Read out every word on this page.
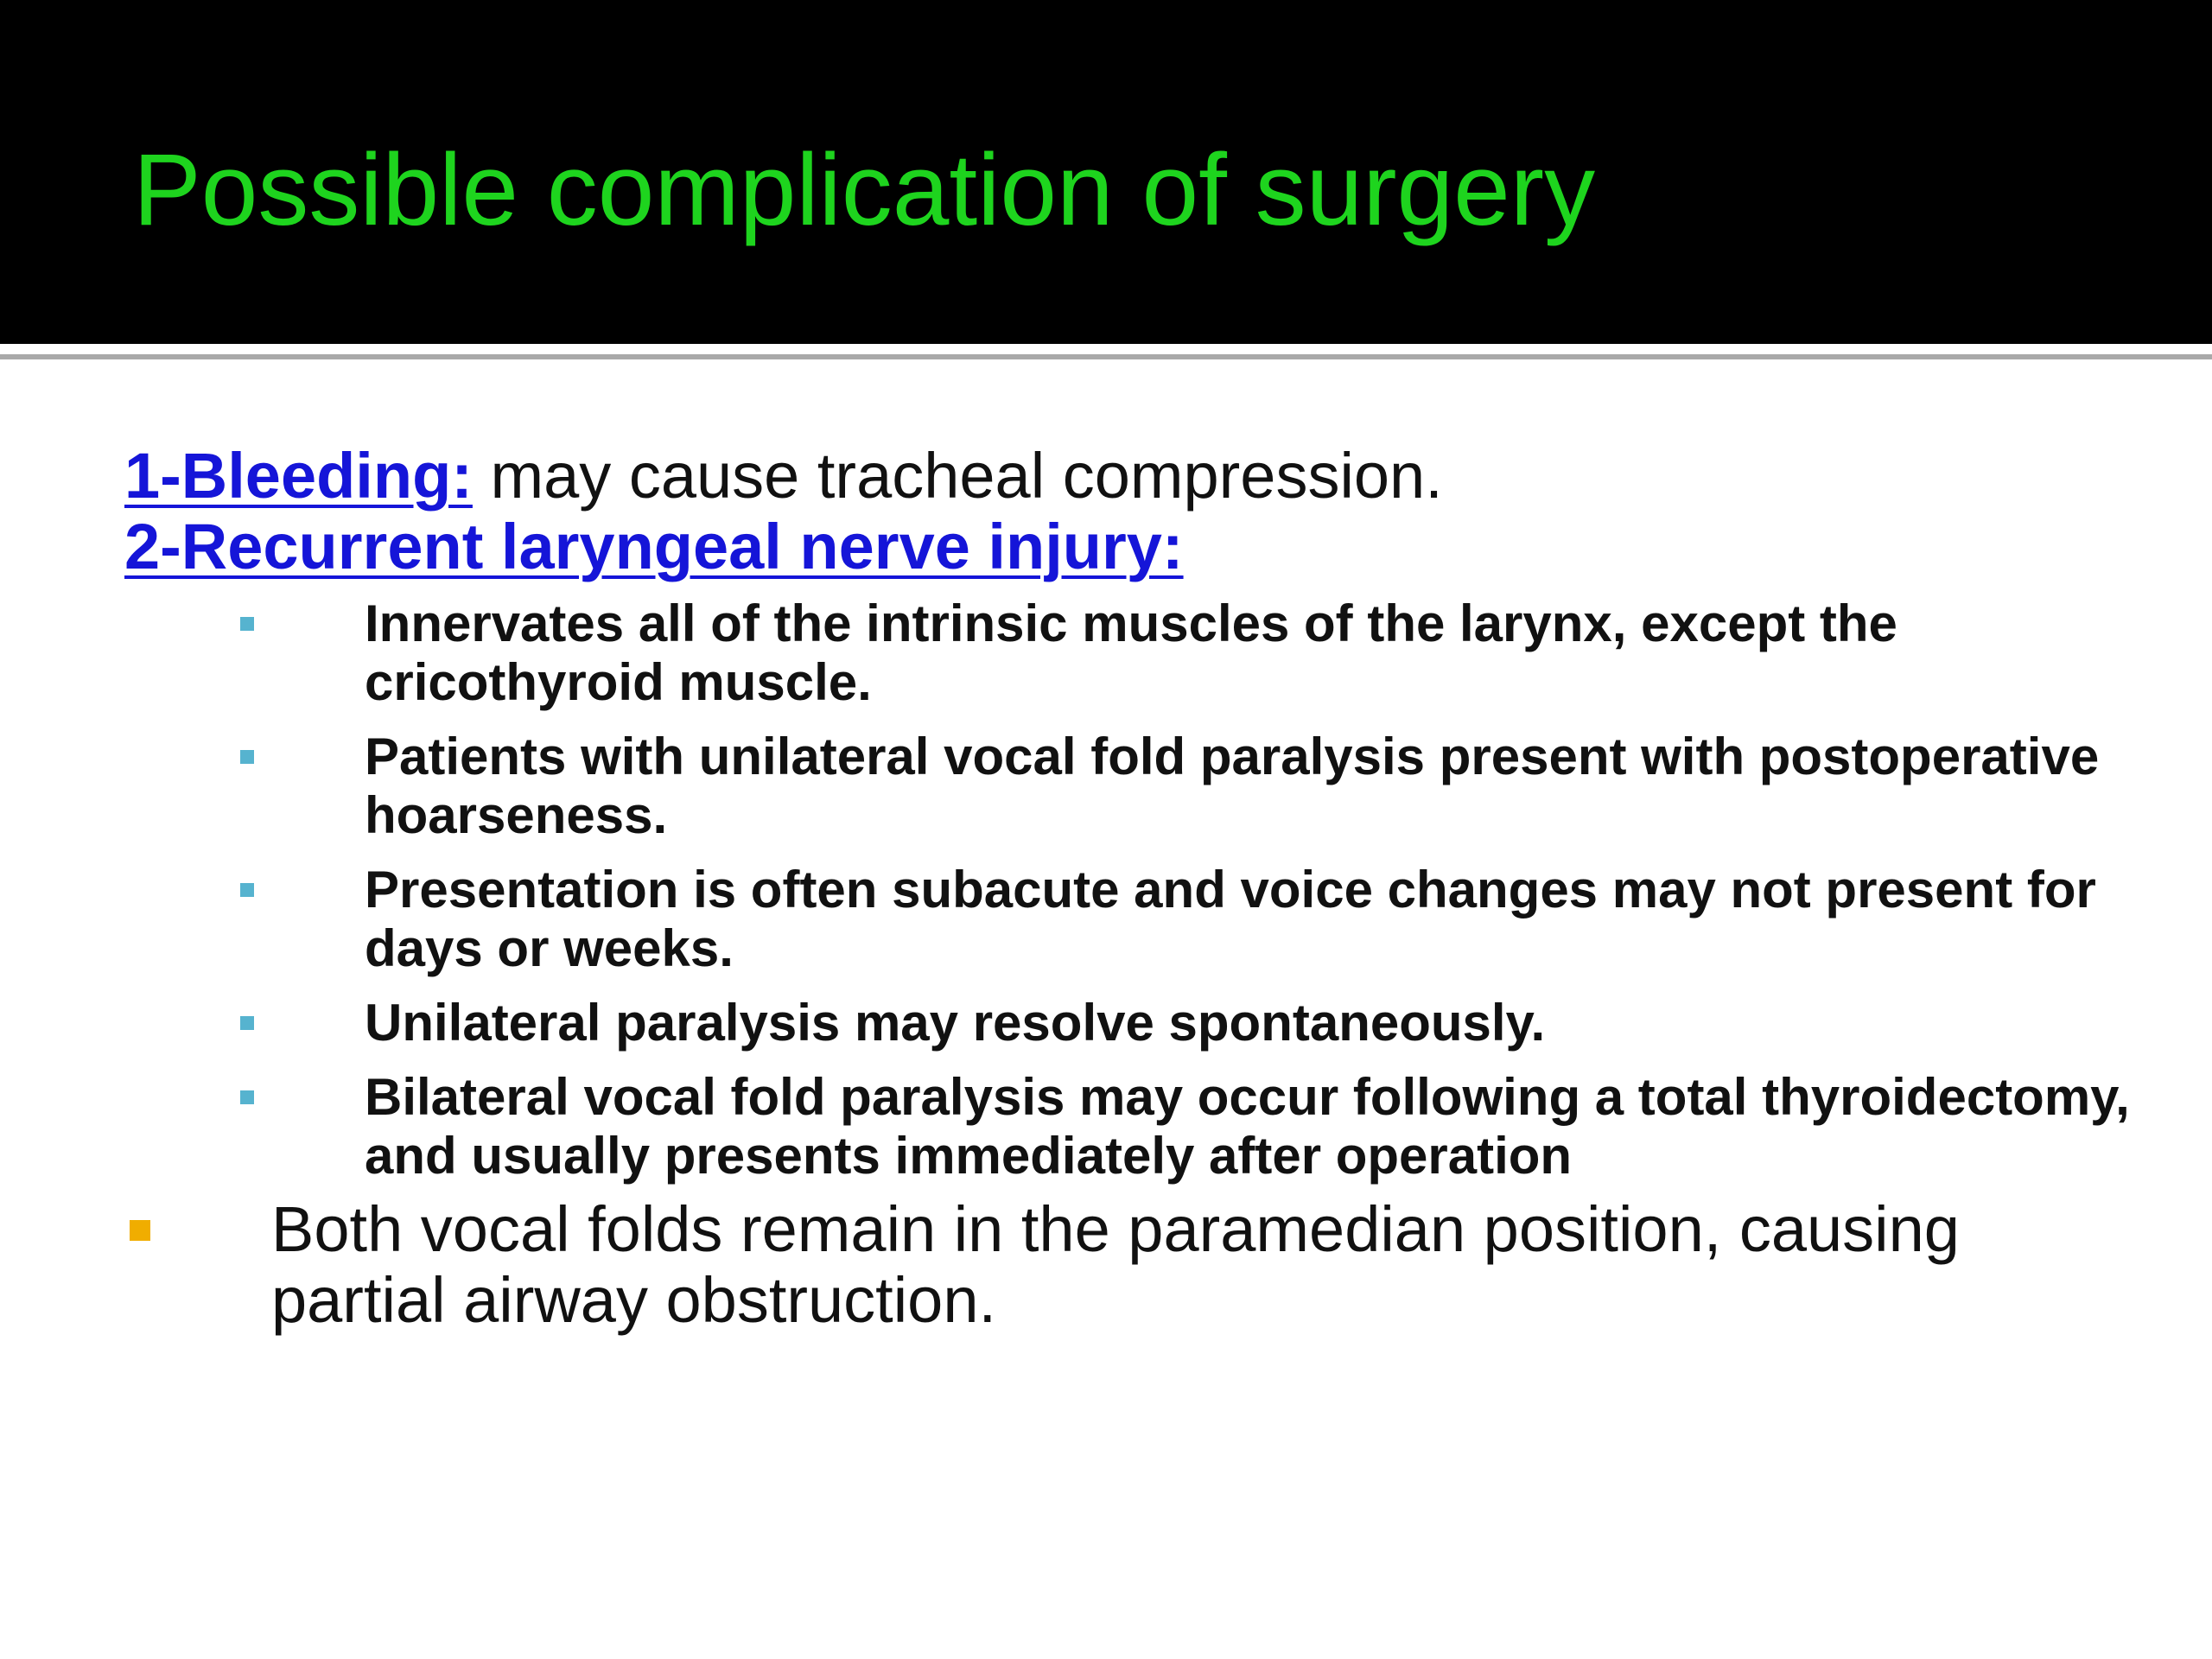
Possible complication of surgery
1-Bleeding: may cause tracheal compression.
2-Recurrent laryngeal nerve injury:
Innervates all of the intrinsic muscles of the larynx, except the cricothyroid muscle.
Patients with unilateral vocal fold paralysis present with postoperative hoarseness.
Presentation is often subacute and voice changes may not present for days or weeks.
Unilateral paralysis may resolve spontaneously.
Bilateral vocal fold paralysis may occur following a total thyroidectomy, and usually presents immediately after operation
Both vocal folds remain in the paramedian position, causing partial airway obstruction.
